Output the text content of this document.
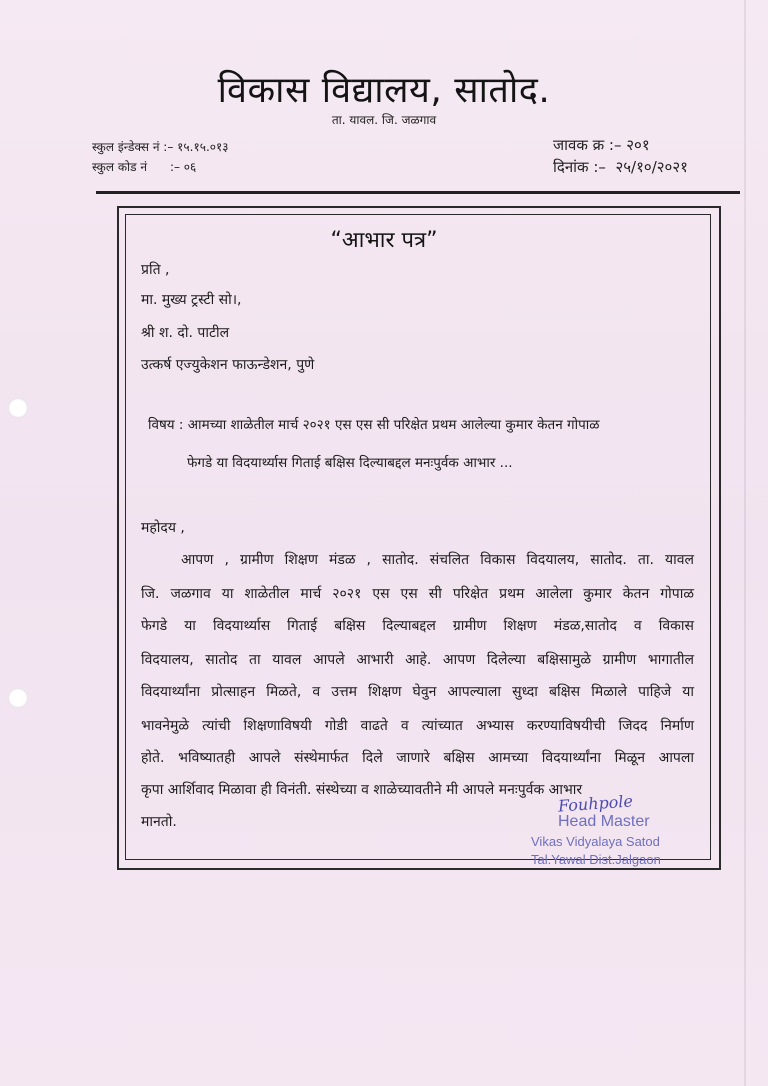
विकास विद्यालय, सातोद.
ता. यावल. जि. जळगाव
स्कुल इंन्डेक्स नं :– १५.१५.०१३
स्कुल कोड नं      :– ०६
जावक क्र :– २०१
दिनांक :–  २५/१०/२०२१
“आभार पत्र”
प्रति ,
मा. मुख्य ट्रस्टी सो।,
श्री श. दो. पाटील
उत्कर्ष एज्युकेशन फाऊन्डेशन, पुणे
विषय : आमच्या शाळेतील मार्च २०२१ एस एस सी परिक्षेत प्रथम आलेल्या कुमार केतन गोपाळ
फेगडे या विदयार्थ्यास गिताई बक्षिस दिल्याबद्दल मनःपुर्वक आभार ...
महोदय ,
आपण , ग्रामीण शिक्षण मंडळ , सातोद. संचलित विकास विदयालय, सातोद. ता. यावल
जि. जळगाव या शाळेतील मार्च २०२१ एस एस सी परिक्षेत प्रथम आलेला कुमार केतन गोपाळ
फेगडे या विदयार्थ्यास गिताई बक्षिस दिल्याबद्दल ग्रामीण शिक्षण मंडळ,सातोद व विकास
विदयालय, सातोद ता यावल आपले आभारी आहे. आपण दिलेल्या बक्षिसामुळे ग्रामीण भागातील
विदयार्थ्यांना प्रोत्साहन मिळते, व उत्तम शिक्षण घेवुन आपल्याला सुध्दा बक्षिस मिळाले पाहिजे या
भावनेमुळे त्यांची शिक्षणाविषयी गोडी वाढते व त्यांच्यात अभ्यास करण्याविषयीची जिदद निर्माण
होते. भविष्यातही आपले संस्थेमार्फत दिले जाणारे बक्षिस आमच्या विदयार्थ्यांना मिळून आपला
कृपा आर्शिवाद मिळावा ही विनंती. संस्थेच्या व शाळेच्यावतीने मी आपले मनःपुर्वक आभार
मानतो.
Fouhpole
Head Master
Vikas Vidyalaya Satod
Tal.Yawal Dist.Jalgaon
